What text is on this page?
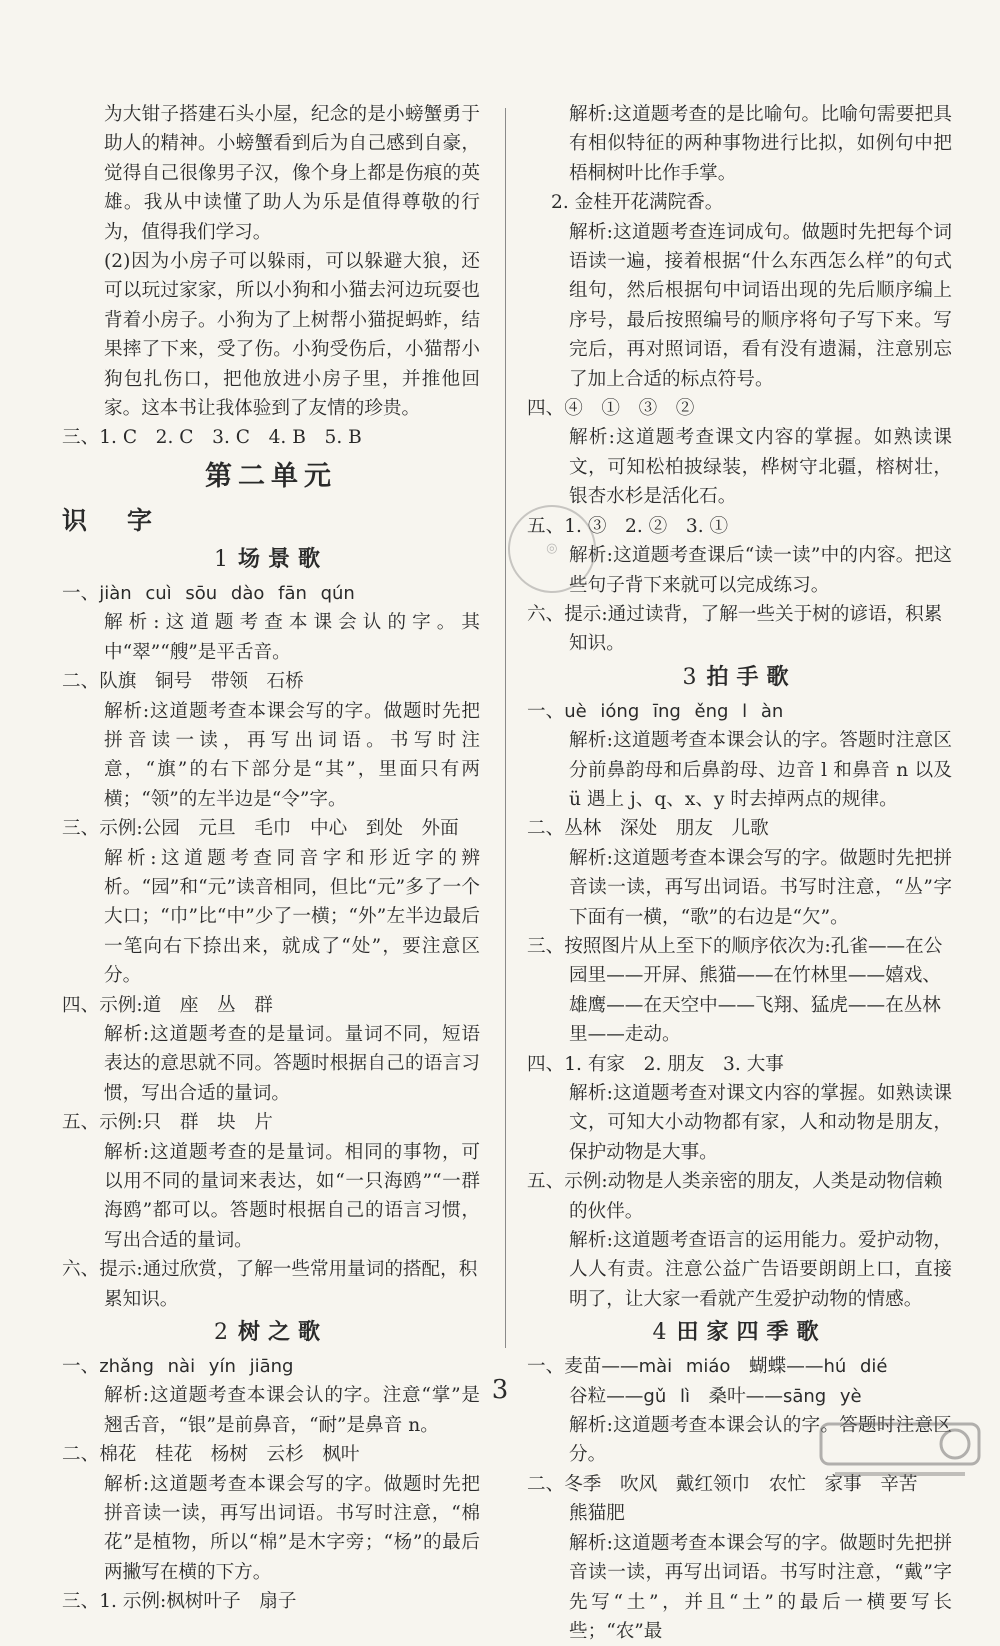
为大钳子搭建石头小屋，纪念的是小螃蟹勇于助人的精神。小螃蟹看到后为自己感到自豪，觉得自己很像男子汉，像个身上都是伤痕的英雄。我从中读懂了助人为乐是值得尊敬的行为，值得我们学习。

(2)因为小房子可以躲雨，可以躲避大狼，还可以玩过家家，所以小狗和小猫去河边玩耍也背着小房子。小狗为了上树帮小猫捉蚂蚱，结果摔了下来，受了伤。小狗受伤后，小猫帮小狗包扎伤口，把他放进小房子里，并推他回家。这本书让我体验到了友情的珍贵。

三、1. C　2. C　3. C　4. B　5. B

第二单元
识字
1 场景歌

一、jiàn cuì sōu dào fān qún

解析:这道题考查本课会认的字。其中“翠”“艘”是平舌音。

二、队旗　铜号　带领　石桥

解析:这道题考查本课会写的字。做题时先把拼音读一读，再写出词语。书写时注意，“旗”的右下部分是“其”，里面只有两横；“领”的左半边是“令”字。

三、示例:公园　元旦　毛巾　中心　到处　外面

解析:这道题考查同音字和形近字的辨析。“园”和“元”读音相同，但比“元”多了一个大口；“巾”比“中”少了一横；“外”左半边最后一笔向右下捺出来，就成了“处”，要注意区分。

四、示例:道　座　丛　群

解析:这道题考查的是量词。量词不同，短语表达的意思就不同。答题时根据自己的语言习惯，写出合适的量词。

五、示例:只　群　块　片

解析:这道题考查的是量词。相同的事物，可以用不同的量词来表达，如“一只海鸥”“一群海鸥”都可以。答题时根据自己的语言习惯，写出合适的量词。

六、提示:通过欣赏，了解一些常用量词的搭配，积累知识。

2 树之歌

一、zhǎng nài yín jiāng

解析:这道题考查本课会认的字。注意“掌”是翘舌音，“银”是前鼻音，“耐”是鼻音 n。

二、棉花　桂花　杨树　云杉　枫叶

解析:这道题考查本课会写的字。做题时先把拼音读一读，再写出词语。书写时注意，“棉花”是植物，所以“棉”是木字旁；“杨”的最后两撇写在横的下方。

三、1. 示例:枫树叶子　扇子

解析:这道题考查的是比喻句。比喻句需要把具有相似特征的两种事物进行比拟，如例句中把梧桐树叶比作手掌。

2. 金桂开花满院香。

解析:这道题考查连词成句。做题时先把每个词语读一遍，接着根据“什么东西怎么样”的句式组句，然后根据句中词语出现的先后顺序编上序号，最后按照编号的顺序将句子写下来。写完后，再对照词语，看有没有遗漏，注意别忘了加上合适的标点符号。

四、④　①　③　②

解析:这道题考查课文内容的掌握。如熟读课文，可知松柏披绿装，桦树守北疆，榕树壮，银杏水杉是活化石。

五、1. ③　2. ②　3. ①

解析:这道题考查课后“读一读”中的内容。把这些句子背下来就可以完成练习。

六、提示:通过读背，了解一些关于树的谚语，积累知识。

3 拍手歌

一、uè ióng īng ěng l àn

解析:这道题考查本课会认的字。答题时注意区分前鼻韵母和后鼻韵母、边音 l 和鼻音 n 以及 ü 遇上 j、q、x、y 时去掉两点的规律。

二、丛林　深处　朋友　儿歌

解析:这道题考查本课会写的字。做题时先把拼音读一读，再写出词语。书写时注意，“丛”字下面有一横，“歌”的右边是“欠”。

三、按照图片从上至下的顺序依次为:孔雀——在公园里——开屏、熊猫——在竹林里——嬉戏、雄鹰——在天空中——飞翔、猛虎——在丛林里——走动。

四、1. 有家　2. 朋友　3. 大事

解析:这道题考查对课文内容的掌握。如熟读课文，可知大小动物都有家，人和动物是朋友，保护动物是大事。

五、示例:动物是人类亲密的朋友，人类是动物信赖的伙伴。

解析:这道题考查语言的运用能力。爱护动物，人人有责。注意公益广告语要朗朗上口，直接明了，让大家一看就产生爱护动物的情感。

4 田家四季歌

一、麦苗——mài miáo　蝴蝶——hú dié

谷粒——gǔ lì　桑叶——sāng yè

解析:这道题考查本课会认的字。答题时注意区分。

二、冬季　吹风　戴红领巾　农忙　家事　辛苦

熊猫肥

解析:这道题考查本课会写的字。做题时先把拼音读一读，再写出词语。书写时注意，“戴”字先写“土”，并且“土”的最后一横要写长些；“农”最

3
◎
